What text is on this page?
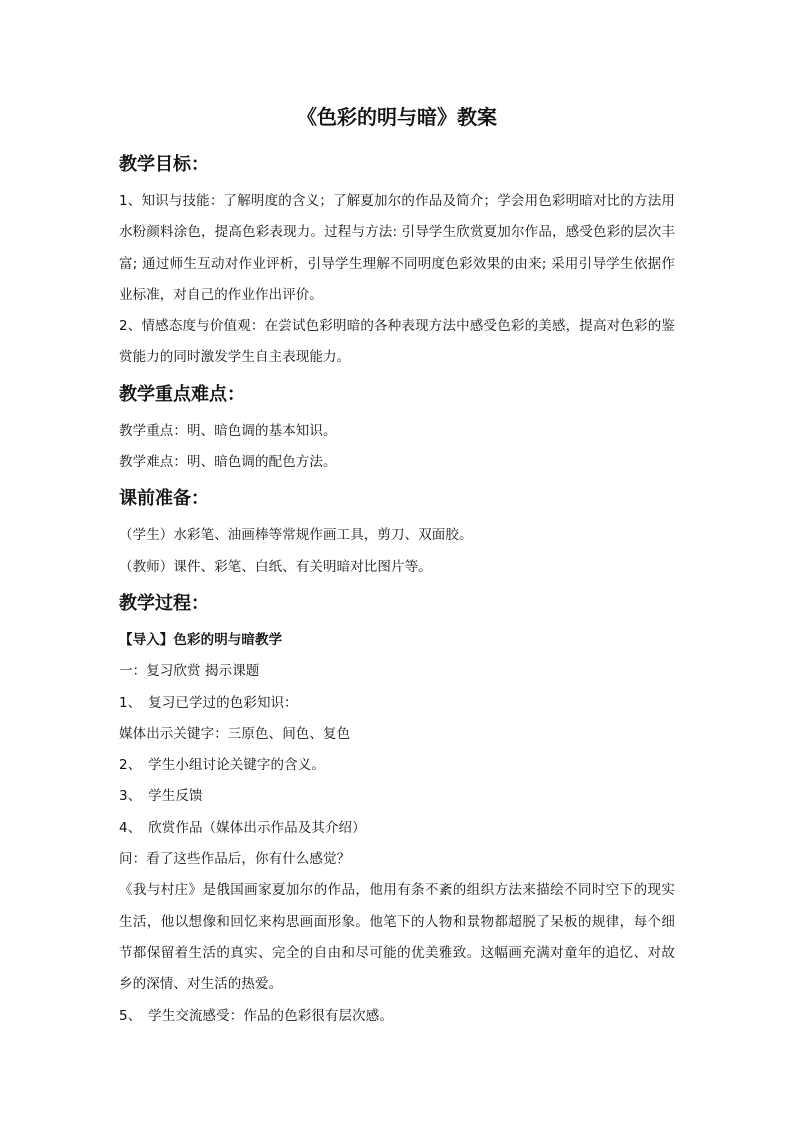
《色彩的明与暗》教案
教学目标：

1、知识与技能：了解明度的含义；了解夏加尔的作品及简介；学会用色彩明暗对比的方法用水粉颜料涂色，提高色彩表现力。过程与方法: 引导学生欣赏夏加尔作品，感受色彩的层次丰富; 通过师生互动对作业评析，引导学生理解不同明度色彩效果的由来; 采用引导学生依据作业标准，对自己的作业作出评价。

2、情感态度与价值观：在尝试色彩明暗的各种表现方法中感受色彩的美感，提高对色彩的鉴赏能力的同时激发学生自主表现能力。

教学重点难点：

教学重点：明、暗色调的基本知识。

教学难点：明、暗色调的配色方法。

课前准备：

（学生）水彩笔、油画棒等常规作画工具，剪刀、双面胶。

（教师）课件、彩笔、白纸、有关明暗对比图片等。

教学过程：

【导入】色彩的明与暗教学

一：复习欣赏 揭示课题

1、　复习已学过的色彩知识：

媒体出示关键字：三原色、间色、复色

2、　学生小组讨论关键字的含义。

3、　学生反馈

4、　欣赏作品（媒体出示作品及其介绍）

问：看了这些作品后，你有什么感觉？

《我与村庄》是俄国画家夏加尔的作品，他用有条不紊的组织方法来描绘不同时空下的现实生活，他以想像和回忆来构思画面形象。他笔下的人物和景物都超脱了呆板的规律，每个细节都保留着生活的真实、完全的自由和尽可能的优美雅致。这幅画充满对童年的追忆、对故乡的深情、对生活的热爱。

5、　学生交流感受：作品的色彩很有层次感。
